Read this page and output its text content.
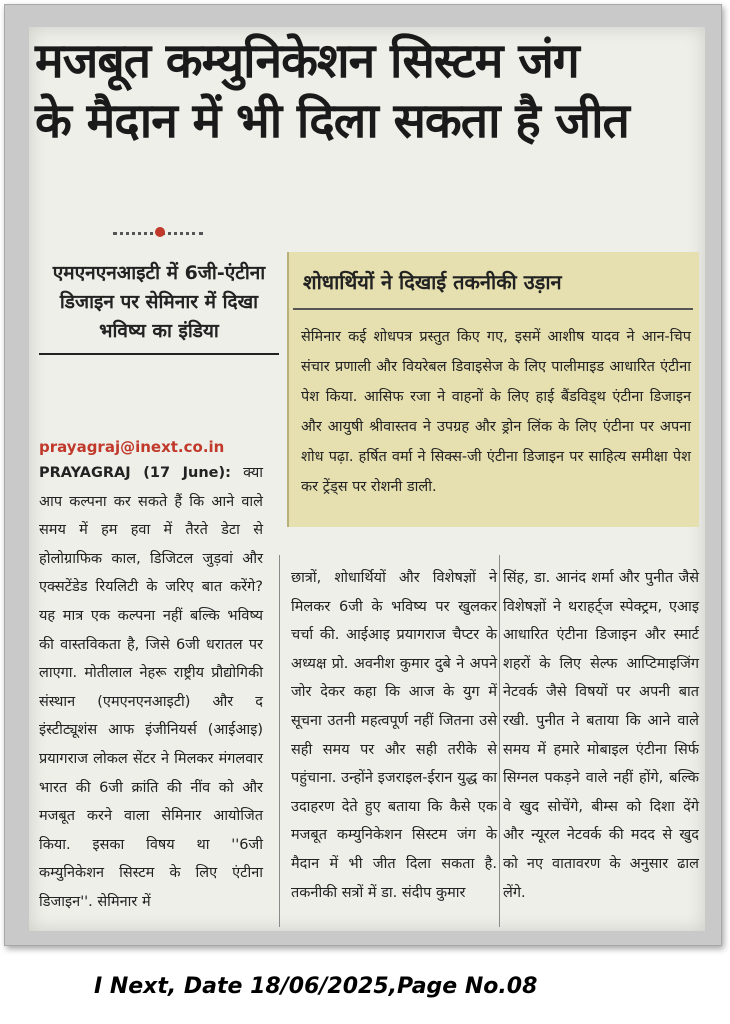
मजबूत कम्युनिकेशन सिस्टम जंग
के मैदान में भी दिला सकता है जीत

एमएनएनआइटी में 6जी-एंटीना डिजाइन पर सेमिनार में दिखा भविष्य का इंडिया

शोधार्थियों ने दिखाई तकनीकी उड़ान

सेमिनार कई शोधपत्र प्रस्तुत किए गए, इसमें आशीष यादव ने आन-चिप संचार प्रणाली और वियरेबल डिवाइसेज के लिए पालीमाइड आधारित एंटीना पेश किया. आसिफ रजा ने वाहनों के लिए हाई बैंडविड्थ एंटीना डिजाइन और आयुषी श्रीवास्तव ने उपग्रह और ड्रोन लिंक के लिए एंटीना पर अपना शोध पढ़ा. हर्षित वर्मा ने सिक्स-जी एंटीना डिजाइन पर साहित्य समीक्षा पेश कर ट्रेंड्स पर रोशनी डाली.

prayagraj@inext.co.in
PRAYAGRAJ (17 June): क्या आप कल्पना कर सकते हैं कि आने वाले समय में हम हवा में तैरते डेटा से होलोग्राफिक काल, डिजिटल जुड़वां और एक्सटेंडेड रियलिटी के जरिए बात करेंगे? यह मात्र एक कल्पना नहीं बल्कि भविष्य की वास्तविकता है, जिसे 6जी धरातल पर लाएगा. मोतीलाल नेहरू राष्ट्रीय प्रौद्योगिकी संस्थान (एमएनएनआइटी) और द इंस्टीट्यूशंस आफ इंजीनियर्स (आईआइ) प्रयागराज लोकल सेंटर ने मिलकर मंगलवार भारत की 6जी क्रांति की नींव को और मजबूत करने वाला सेमिनार आयोजित किया. इसका विषय था ''6जी कम्युनिकेशन सिस्टम के लिए एंटीना डिजाइन''. सेमिनार में

छात्रों, शोधार्थियों और विशेषज्ञों ने मिलकर 6जी के भविष्य पर खुलकर चर्चा की. आईआइ प्रयागराज चैप्टर के अध्यक्ष प्रो. अवनीश कुमार दुबे ने अपने जोर देकर कहा कि आज के युग में सूचना उतनी महत्वपूर्ण नहीं जितना उसे सही समय पर और सही तरीके से पहुंचाना. उन्होंने इजराइल-ईरान युद्ध का उदाहरण देते हुए बताया कि कैसे एक मजबूत कम्युनिकेशन सिस्टम जंग के मैदान में भी जीत दिला सकता है. तकनीकी सत्रों में डा. संदीप कुमार

सिंह, डा. आनंद शर्मा और पुनीत जैसे विशेषज्ञों ने थराहर्ट्ज स्पेक्ट्रम, एआइ आधारित एंटीना डिजाइन और स्मार्ट शहरों के लिए सेल्फ आप्टिमाइजिंग नेटवर्क जैसे विषयों पर अपनी बात रखी. पुनीत ने बताया कि आने वाले समय में हमारे मोबाइल एंटीना सिर्फ सिग्नल पकड़ने वाले नहीं होंगे, बल्कि वे खुद सोचेंगे, बीम्स को दिशा देंगे और न्यूरल नेटवर्क की मदद से खुद को नए वातावरण के अनुसार ढाल लेंगे.

I Next, Date 18/06/2025,Page No.08
